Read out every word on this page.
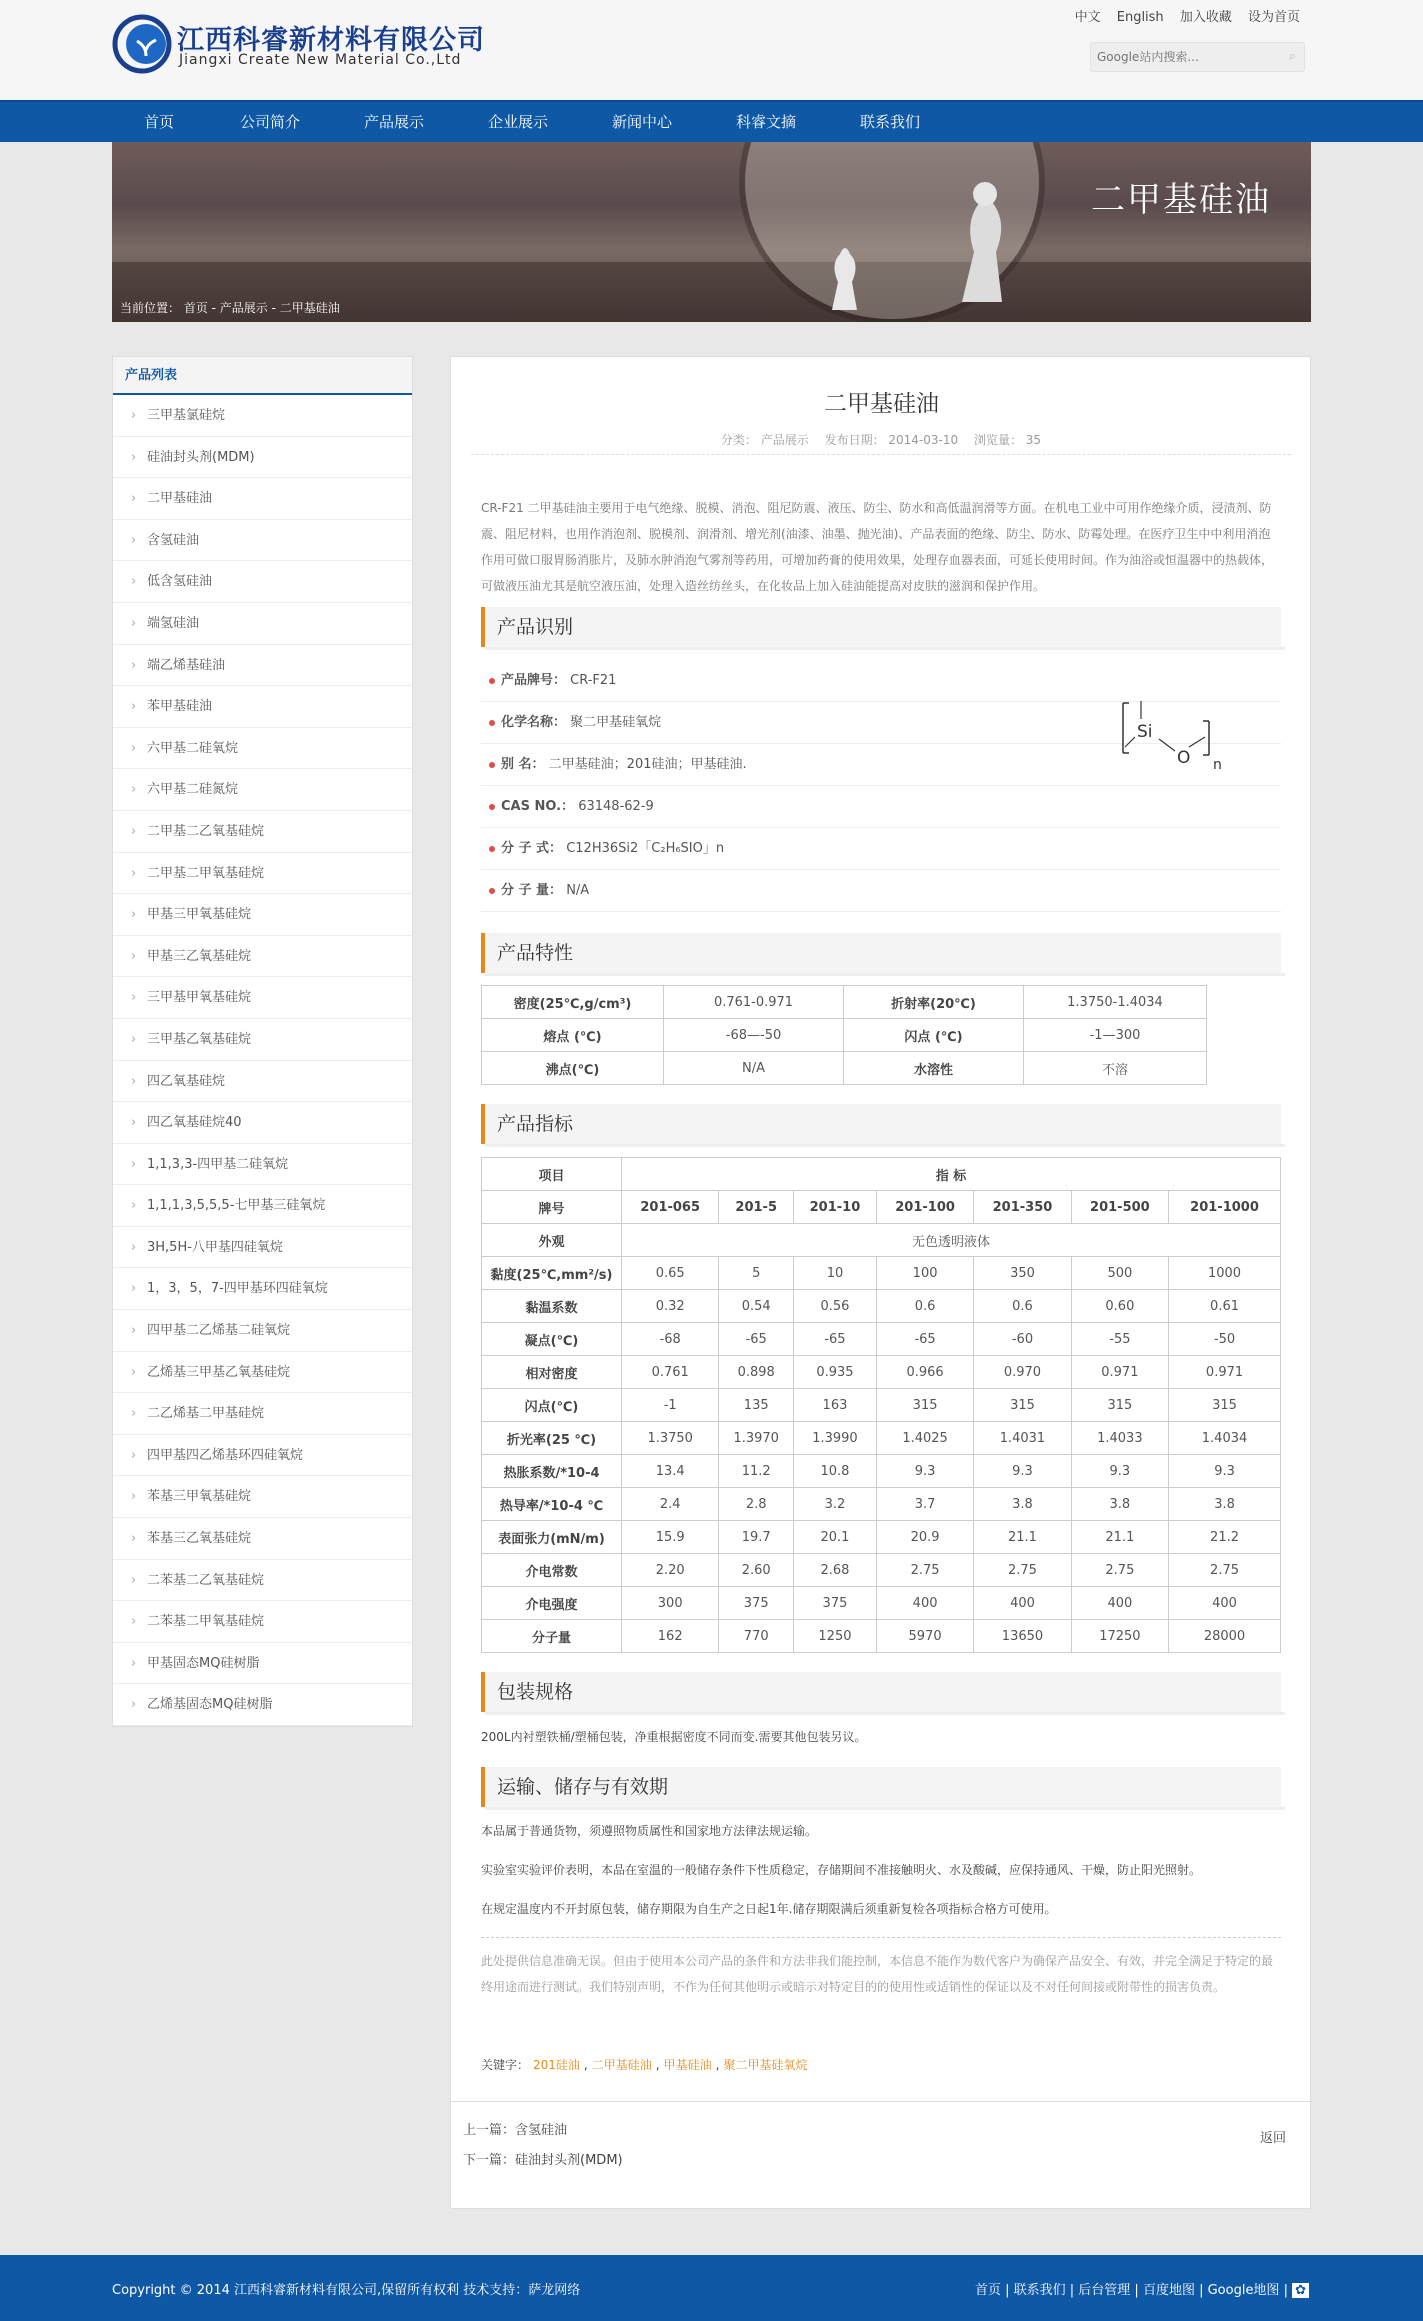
江西科睿新材料有限公司
Jiangxi Create New Material Co.,Ltd
中文 English 加入收藏 设为首页
Google站内搜索...
⌕
首页	公司简介	产品展示	企业展示	新闻中心	科睿文摘	联系我们
二甲基硅油
当前位置： 首页 - 产品展示 - 二甲基硅油
产品列表
› 三甲基氯硅烷
› 硅油封头剂(MDM)
› 二甲基硅油
› 含氢硅油
› 低含氢硅油
› 端氢硅油
› 端乙烯基硅油
› 苯甲基硅油
› 六甲基二硅氧烷
› 六甲基二硅氮烷
› 二甲基二乙氧基硅烷
› 二甲基二甲氧基硅烷
› 甲基三甲氧基硅烷
› 甲基三乙氧基硅烷
› 三甲基甲氧基硅烷
› 三甲基乙氧基硅烷
› 四乙氧基硅烷
› 四乙氧基硅烷40
› 1,1,3,3-四甲基二硅氧烷
› 1,1,1,3,5,5,5-七甲基三硅氧烷
› 3H,5H-八甲基四硅氧烷
› 1，3，5，7-四甲基环四硅氧烷
› 四甲基二乙烯基二硅氧烷
› 乙烯基三甲基乙氧基硅烷
› 二乙烯基二甲基硅烷
› 四甲基四乙烯基环四硅氧烷
› 苯基三甲氧基硅烷
› 苯基三乙氧基硅烷
› 二苯基二乙氧基硅烷
› 二苯基二甲氧基硅烷
› 甲基固态MQ硅树脂
› 乙烯基固态MQ硅树脂
二甲基硅油
分类： 产品展示 发布日期： 2014-03-10 浏览量： 35
CR-F21 二甲基硅油主要用于电气绝缘、脱模、消泡、阻尼防震、液压、防尘、防水和高低温润滑等方面。在机电工业中可用作绝缘介质，浸渍剂、防震、阻尼材料，也用作消泡剂、脱模剂、润滑剂、增光剂(油漆、油墨、抛光油)、产品表面的绝缘、防尘、防水、防霉处理。在医疗卫生中中利用消泡作用可做口服胃肠消胀片，及肺水肿消泡气雾剂等药用，可增加药膏的使用效果，处理存血器表面，可延长使用时间。作为油浴或恒温器中的热载体，可做液压油尤其是航空液压油，处理入造丝纺丝头，在化妆品上加入硅油能提高对皮肤的滋润和保护作用。
产品识别
产品牌号： CR-F21
化学名称： 聚二甲基硅氧烷
别 名： 二甲基硅油；201硅油；甲基硅油.
CAS NO.： 63148-62-9
分 子 式： C12H36Si2「C₂H₆SIO」n
分 子 量： N/A
Si
O n
产品特性
密度(25℃,g/cm³)	0.761-0.971	折射率(20℃)	1.3750-1.4034
熔点 (℃)	-68—-50	闪点 (℃)	-1—300
沸点(℃)	N/A	水溶性	不溶
产品指标
项目	指 标						
牌号	201-065	201-5	201-10	201-100	201-350	201-500	201-1000
外观	无色透明液体						
黏度(25℃,mm²/s)	0.65	5	10	100	350	500	1000
黏温系数	0.32	0.54	0.56	0.6	0.6	0.60	0.61
凝点(℃)	-68	-65	-65	-65	-60	-55	-50
相对密度	0.761	0.898	0.935	0.966	0.970	0.971	0.971
闪点(℃)	-1	135	163	315	315	315	315
折光率(25 ℃)	1.3750	1.3970	1.3990	1.4025	1.4031	1.4033	1.4034
热胀系数/*10-4	13.4	11.2	10.8	9.3	9.3	9.3	9.3
热导率/*10-4 ℃	2.4	2.8	3.2	3.7	3.8	3.8	3.8
表面张力(mN/m)	15.9	19.7	20.1	20.9	21.1	21.1	21.2
介电常数	2.20	2.60	2.68	2.75	2.75	2.75	2.75
介电强度	300	375	375	400	400	400	400
分子量	162	770	1250	5970	13650	17250	28000
包装规格
200L内衬塑铁桶/塑桶包装，净重根据密度不同而变.需要其他包装另议。
运输、储存与有效期
本品属于普通货物，须遵照物质属性和国家地方法律法规运输。
实验室实验评价表明，本品在室温的一般储存条件下性质稳定，存储期间不准接触明火、水及酸碱，应保持通风、干燥，防止阳光照射。
在规定温度内不开封原包装，储存期限为自生产之日起1年.储存期限满后须重新复检各项指标合格方可使用。
此处提供信息准确无误。但由于使用本公司产品的条件和方法非我们能控制，本信息不能作为数代客户为确保产品安全、有效，并完全满足于特定的最终用途而进行测试。我们特别声明，不作为任何其他明示或暗示对特定目的的使用性或适销性的保证以及不对任何间接或附带性的损害负责。
关键字： 201硅油 , 二甲基硅油 , 甲基硅油 , 聚二甲基硅氧烷
上一篇：含氢硅油
下一篇：硅油封头剂(MDM)
返回
Copyright © 2014 江西科睿新材料有限公司,保留所有权利 技术支持：萨龙网络	首页 | 联系我们 | 后台管理 | 百度地图 | Google地图 | ✿
